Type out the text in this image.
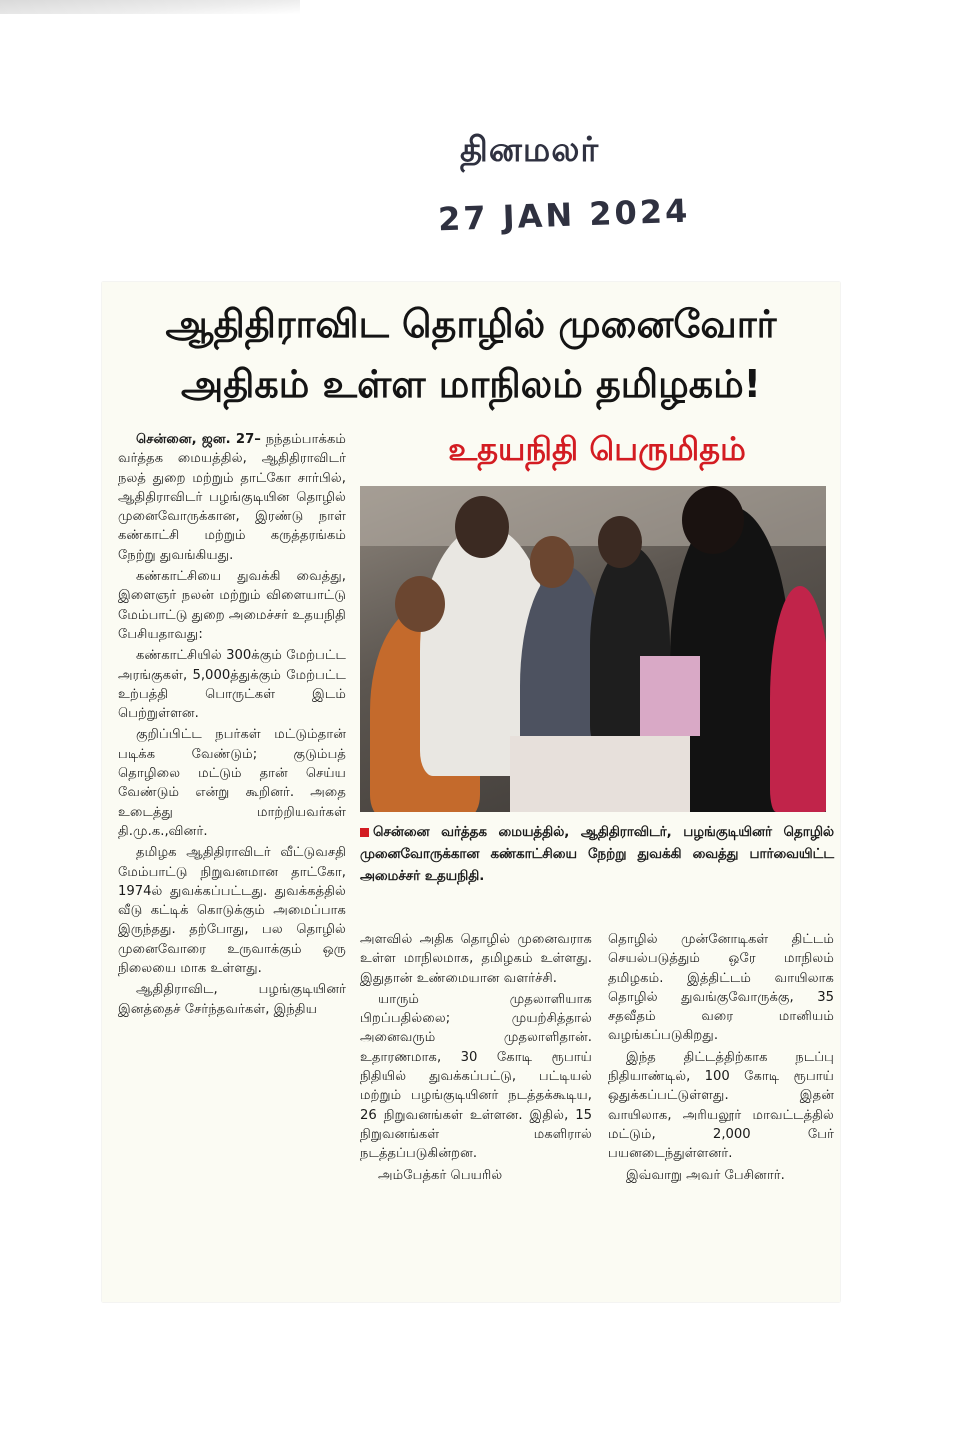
தினமலர்
27 JAN 2024
ஆதிதிராவிட தொழில் முனைவோர்
அதிகம் உள்ள மாநிலம் தமிழகம்!

சென்னை, ஜன. 27– நந்தம்பாக்கம் வர்த்தக மையத்தில், ஆதிதிராவிடர் நலத் துறை மற்றும் தாட்கோ சார்பில், ஆதிதிராவிடர் பழங்குடியின தொழில் முனைவோருக்கான, இரண்டு நாள் கண்காட்சி மற்றும் கருத்தரங்கம் நேற்று துவங்கியது.

கண்காட்சியை துவக்கி வைத்து, இளைஞர் நலன் மற்றும் விளையாட்டு மேம்பாட்டு துறை அமைச்சர் உதயநிதி பேசியதாவது:

கண்காட்சியில் 300க்கும் மேற்பட்ட அரங்குகள், 5,000த்துக்கும் மேற்பட்ட உற்பத்தி பொருட்கள் இடம் பெற்றுள்ளன.

குறிப்பிட்ட நபர்கள் மட்டும்தான் படிக்க வேண்டும்; குடும்பத் தொழிலை மட்டும் தான் செய்ய வேண்டும் என்று கூறினர். அதை உடைத்து மாற்றியவர்கள் தி.மு.க.,வினர்.

தமிழக ஆதிதிராவிடர் வீட்டுவசதி மேம்பாட்டு நிறுவனமான தாட்கோ, 1974ல் துவக்கப்பட்டது. துவக்கத்தில் வீடு கட்டிக் கொடுக்கும் அமைப்பாக இருந்தது. தற்போது, பல தொழில் முனைவோரை உருவாக்கும் ஒரு நிலையை மாக உள்ளது.

ஆதிதிராவிட, பழங்குடியினர் இனத்தைச் சேர்ந்தவர்கள், இந்திய

உதயநிதி பெருமிதம்
சென்னை வர்த்தக மையத்தில், ஆதிதிராவிடர், பழங்குடியினர் தொழில் முனைவோருக்கான கண்காட்சியை நேற்று துவக்கி வைத்து பார்வையிட்ட அமைச்சர் உதயநிதி.

அளவில் அதிக தொழில் முனைவராக உள்ள மாநிலமாக, தமிழகம் உள்ளது. இதுதான் உண்மையான வளர்ச்சி.

யாரும் முதலாளியாக பிறப்பதில்லை; முயற்சித்தால் அனைவரும் முதலாளிதான். உதாரணமாக, 30 கோடி ரூபாய் நிதியில் துவக்கப்பட்டு, பட்டியல் மற்றும் பழங்குடியினர் நடத்தக்கூடிய, 26 நிறுவனங்கள் உள்ளன. இதில், 15 நிறுவனங்கள் மகளிரால் நடத்தப்படுகின்றன.

அம்பேத்கர் பெயரில்

தொழில் முன்னோடிகள் திட்டம் செயல்படுத்தும் ஒரே மாநிலம் தமிழகம். இத்திட்டம் வாயிலாக தொழில் துவங்குவோருக்கு, 35 சதவீதம் வரை மானியம் வழங்கப்படுகிறது.

இந்த திட்டத்திற்காக நடப்பு நிதியாண்டில், 100 கோடி ரூபாய் ஒதுக்கப்பட்டுள்ளது. இதன் வாயிலாக, அரியலூர் மாவட்டத்தில் மட்டும், 2,000 பேர் பயனடைந்துள்ளனர்.

இவ்வாறு அவர் பேசினார்.
